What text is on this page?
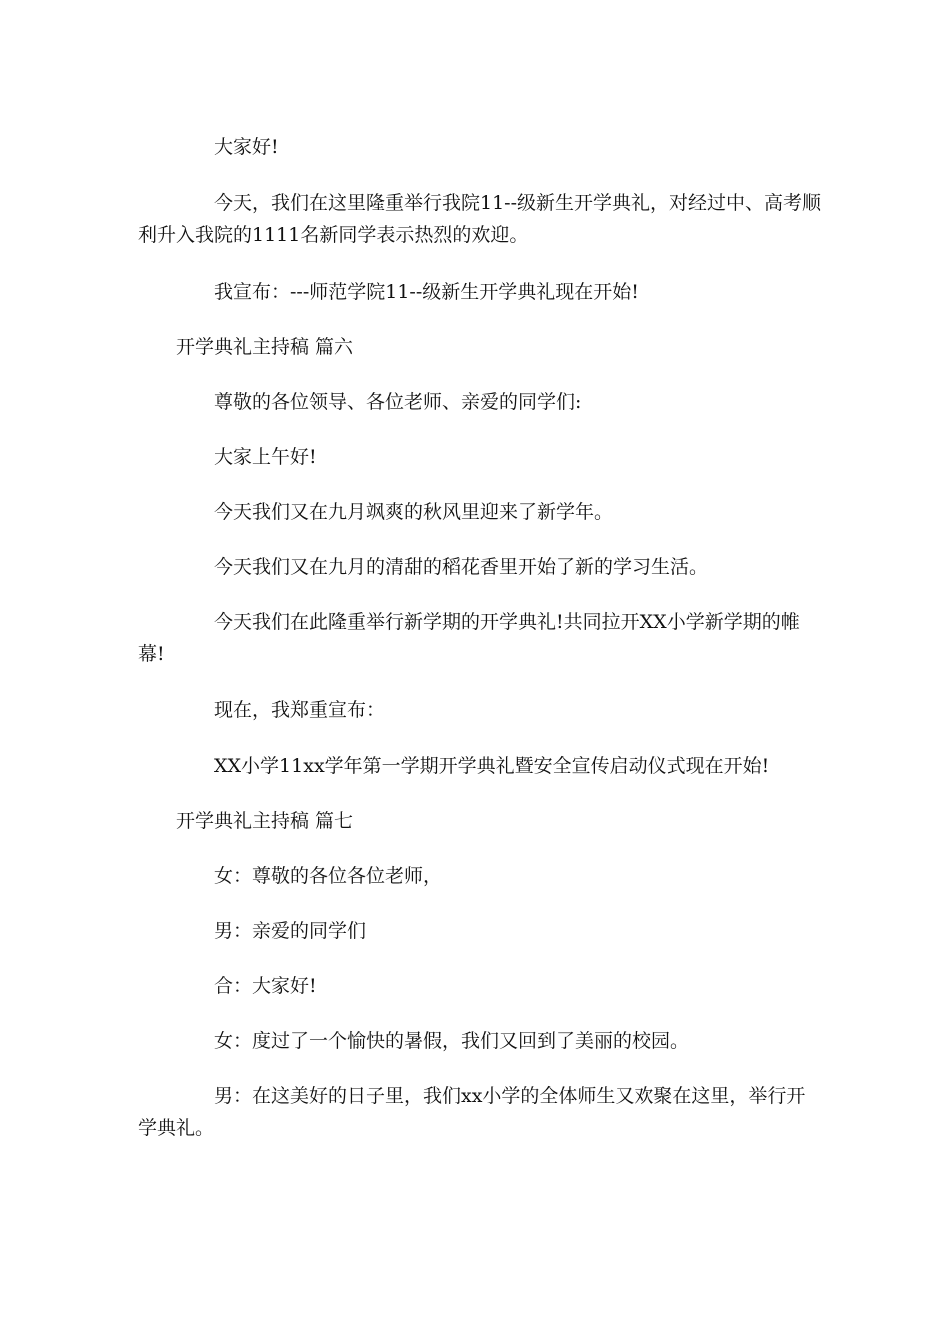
大家好!
今天，我们在这里隆重举行我院11--级新生开学典礼，对经过中、高考顺利升入我院的1111名新同学表示热烈的欢迎。
我宣布：---师范学院11--级新生开学典礼现在开始!
开学典礼主持稿 篇六
尊敬的各位领导、各位老师、亲爱的同学们:
大家上午好!
今天我们又在九月飒爽的秋风里迎来了新学年。
今天我们又在九月的清甜的稻花香里开始了新的学习生活。
今天我们在此隆重举行新学期的开学典礼!共同拉开XX小学新学期的帷幕!
现在，我郑重宣布：
XX小学11xx学年第一学期开学典礼暨安全宣传启动仪式现在开始!
开学典礼主持稿 篇七
女：尊敬的各位各位老师，
男：亲爱的同学们
合：大家好!
女：度过了一个愉快的暑假，我们又回到了美丽的校园。
男：在这美好的日子里，我们xx小学的全体师生又欢聚在这里，举行开学典礼。
